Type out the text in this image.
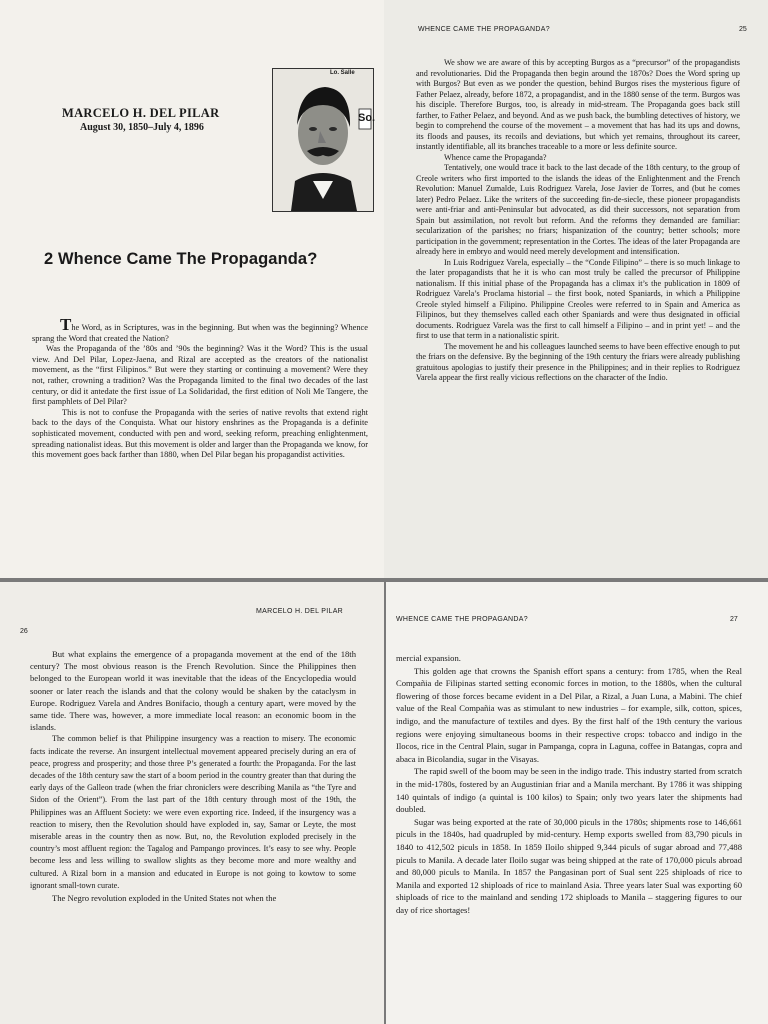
MARCELO H. DEL PILAR
August 30, 1850–July 4, 1896
Lo. Salle
So.
2 Whence Came The Propaganda?

The Word, as in Scriptures, was in the beginning. But when was the beginning? Whence sprang the Word that created the Nation?

Was the Propaganda of the ’80s and ’90s the beginning? Was it the Word? This is the usual view. And Del Pilar, Lopez-Jaena, and Rizal are accepted as the creators of the nationalist movement, as the “first Filipinos.” But were they starting or continuing a movement? Were they not, rather, crowning a tradition? Was the Propaganda limited to the final two decades of the last century, or did it antedate the first issue of La Solidaridad, the first edition of Noli Me Tangere, the first pamphlets of Del Pilar?

This is not to confuse the Propaganda with the series of native revolts that extend right back to the days of the Conquista. What our history enshrines as the Propaganda is a definite sophisticated movement, conducted with pen and word, seeking reform, preaching enlightenment, spreading nationalist ideas. But this movement is older and larger than the Propaganda we know, for this movement goes back farther than 1880, when Del Pilar began his propagandist activities.

WHENCE CAME THE PROPAGANDA?	25

We show we are aware of this by accepting Burgos as a “precursor” of the propagandists and revolutionaries. Did the Propaganda then begin around the 1870s? Does the Word spring up with Burgos? But even as we ponder the question, behind Burgos rises the mysterious figure of Father Pelaez, already, before 1872, a propagandist, and in the 1880 sense of the term. Burgos was his disciple. Therefore Burgos, too, is already in mid-stream. The Propaganda goes back still farther, to Father Pelaez, and beyond. And as we push back, the bumbling detectives of history, we begin to comprehend the course of the movement – a movement that has had its ups and downs, its floods and pauses, its recoils and deviations, but which yet remains, throughout its career, instantly identifiable, all its branches traceable to a more or less definite source.

Whence came the Propaganda?

Tentatively, one would trace it back to the last decade of the 18th century, to the group of Creole writers who first imported to the islands the ideas of the Enlightenment and the French Revolution: Manuel Zumalde, Luis Rodriguez Varela, Jose Javier de Torres, and (but he comes later) Pedro Pelaez. Like the writers of the succeeding fin-de-siecle, these pioneer propagandists were anti-friar and anti-Peninsular but advocated, as did their successors, not separation from Spain but assimilation, not revolt but reform. And the reforms they demanded are familiar: secularization of the parishes; no friars; hispanization of the country; better schools; more participation in the government; representation in the Cortes. The ideas of the later Propaganda are already here in embryo and would need merely development and intensification.

In Luis Rodriguez Varela, especially – the “Conde Filipino” – there is so much linkage to the later propagandists that he it is who can most truly be called the precursor of Philippine nationalism. If this initial phase of the Propaganda has a climax it’s the publication in 1809 of Rodriguez Varela’s Proclama historial – the first book, noted Spaniards, in which a Philippine Creole styled himself a Filipino. Philippine Creoles were referred to in Spain and America as Filipinos, but they themselves called each other Spaniards and were thus designated in official documents. Rodriguez Varela was the first to call himself a Filipino – and in print yet! – and the first to use that term in a nationalistic spirit.

The movement he and his colleagues launched seems to have been effective enough to put the friars on the defensive. By the beginning of the 19th century the friars were already publishing gratuitous apologias to justify their presence in the Philippines; and in their replies to Rodriguez Varela appear the first really vicious reflections on the character of the Indio.

MARCELO H. DEL PILAR
26

But what explains the emergence of a propaganda movement at the end of the 18th century? The most obvious reason is the French Revolution. Since the Philippines then belonged to the European world it was inevitable that the ideas of the Encyclopedia would sooner or later reach the islands and that the colony would be shaken by the cataclysm in Europe. Rodriguez Varela and Andres Bonifacio, though a century apart, were moved by the same tide. There was, however, a more immediate local reason: an economic boom in the islands.

The common belief is that Philippine insurgency was a reaction to misery. The economic facts indicate the reverse. An insurgent intellectual movement appeared precisely during an era of peace, progress and prosperity; and those three P’s generated a fourth: the Propaganda. For the last decades of the 18th century saw the start of a boom period in the country greater than that during the early days of the Galleon trade (when the friar chroniclers were describing Manila as “the Tyre and Sidon of the Orient”). From the last part of the 18th century through most of the 19th, the Philippines was an Affluent Society: we were even exporting rice. Indeed, if the insurgency was a reaction to misery, then the Revolution should have exploded in, say, Samar or Leyte, the most miserable areas in the country then as now. But, no, the Revolution exploded precisely in the country’s most affluent region: the Tagalog and Pampango provinces. It’s easy to see why. People become less and less willing to swallow slights as they become more and more wealthy and cultured. A Rizal born in a mansion and educated in Europe is not going to kowtow to some ignorant small-town curate.

The Negro revolution exploded in the United States not when the

WHENCE CAME THE PROPAGANDA?	27

mercial expansion.

This golden age that crowns the Spanish effort spans a century: from 1785, when the Real Compañia de Filipinas started setting economic forces in motion, to the 1880s, when the cultural flowering of those forces became evident in a Del Pilar, a Rizal, a Juan Luna, a Mabini. The chief value of the Real Compañia was as stimulant to new industries – for example, silk, cotton, spices, indigo, and the manufacture of textiles and dyes. By the first half of the 19th century the various regions were enjoying simultaneous booms in their respective crops: tobacco and indigo in the Ilocos, rice in the Central Plain, sugar in Pampanga, copra in Laguna, coffee in Batangas, copra and abaca in Bicolandia, sugar in the Visayas.

The rapid swell of the boom may be seen in the indigo trade. This industry started from scratch in the mid-1780s, fostered by an Augustinian friar and a Manila merchant. By 1786 it was shipping 140 quintals of indigo (a quintal is 100 kilos) to Spain; only two years later the shipments had doubled.

Sugar was being exported at the rate of 30,000 piculs in the 1780s; shipments rose to 146,661 piculs in the 1840s, had quadrupled by mid-century. Hemp exports swelled from 83,790 piculs in 1840 to 412,502 piculs in 1858. In 1859 Iloilo shipped 9,344 piculs of sugar abroad and 77,488 piculs to Manila. A decade later Iloilo sugar was being shipped at the rate of 170,000 piculs abroad and 80,000 piculs to Manila. In 1857 the Pangasinan port of Sual sent 225 shiploads of rice to Manila and exported 12 shiploads of rice to mainland Asia. Three years later Sual was exporting 60 shiploads of rice to the mainland and sending 172 shiploads to Manila – staggering figures to our day of rice shortages!
